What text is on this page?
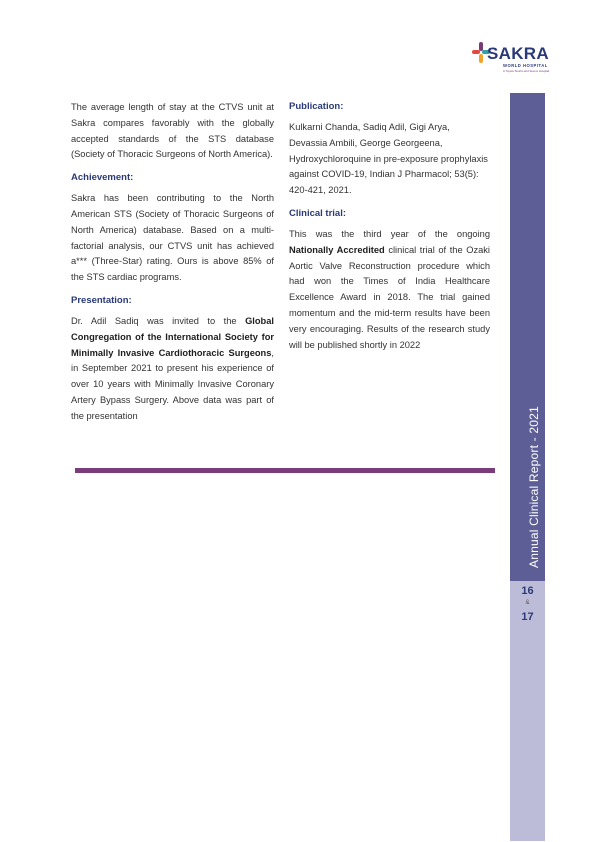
SAKRA
WORLD HOSPITAL
A Toyota Tsusho and Secom Hospital

The average length of stay at the CTVS unit at Sakra compares favorably with the globally accepted standards of the STS database (Society of Thoracic Surgeons of North America).

Achievement:

Sakra has been contributing to the North American STS (Society of Thoracic Surgeons of North America) database. Based on a multi-factorial analysis, our CTVS unit has achieved a*** (Three-Star) rating. Ours is above 85% of the STS cardiac programs.

Presentation:

Dr. Adil Sadiq was invited to the Global Congregation of the International Society for Minimally Invasive Cardiothoracic Surgeons, in September 2021 to present his experience of over 10 years with Minimally Invasive Coronary Artery Bypass Surgery. Above data was part of the presentation

Publication:

Kulkarni Chanda, Sadiq Adil, Gigi Arya, Devassia Ambili, George Georgeena, Hydroxychloroquine in pre-exposure prophylaxis against COVID-19, Indian J Pharmacol; 53(5): 420-421, 2021.

Clinical trial:

This was the third year of the ongoing Nationally Accredited clinical trial of the Ozaki Aortic Valve Reconstruction procedure which had won the Times of India Healthcare Excellence Award in 2018. The trial gained momentum and the mid-term results have been very encouraging. Results of the research study will be published shortly in 2022

Annual Clinical Report - 2021
16
&
17
